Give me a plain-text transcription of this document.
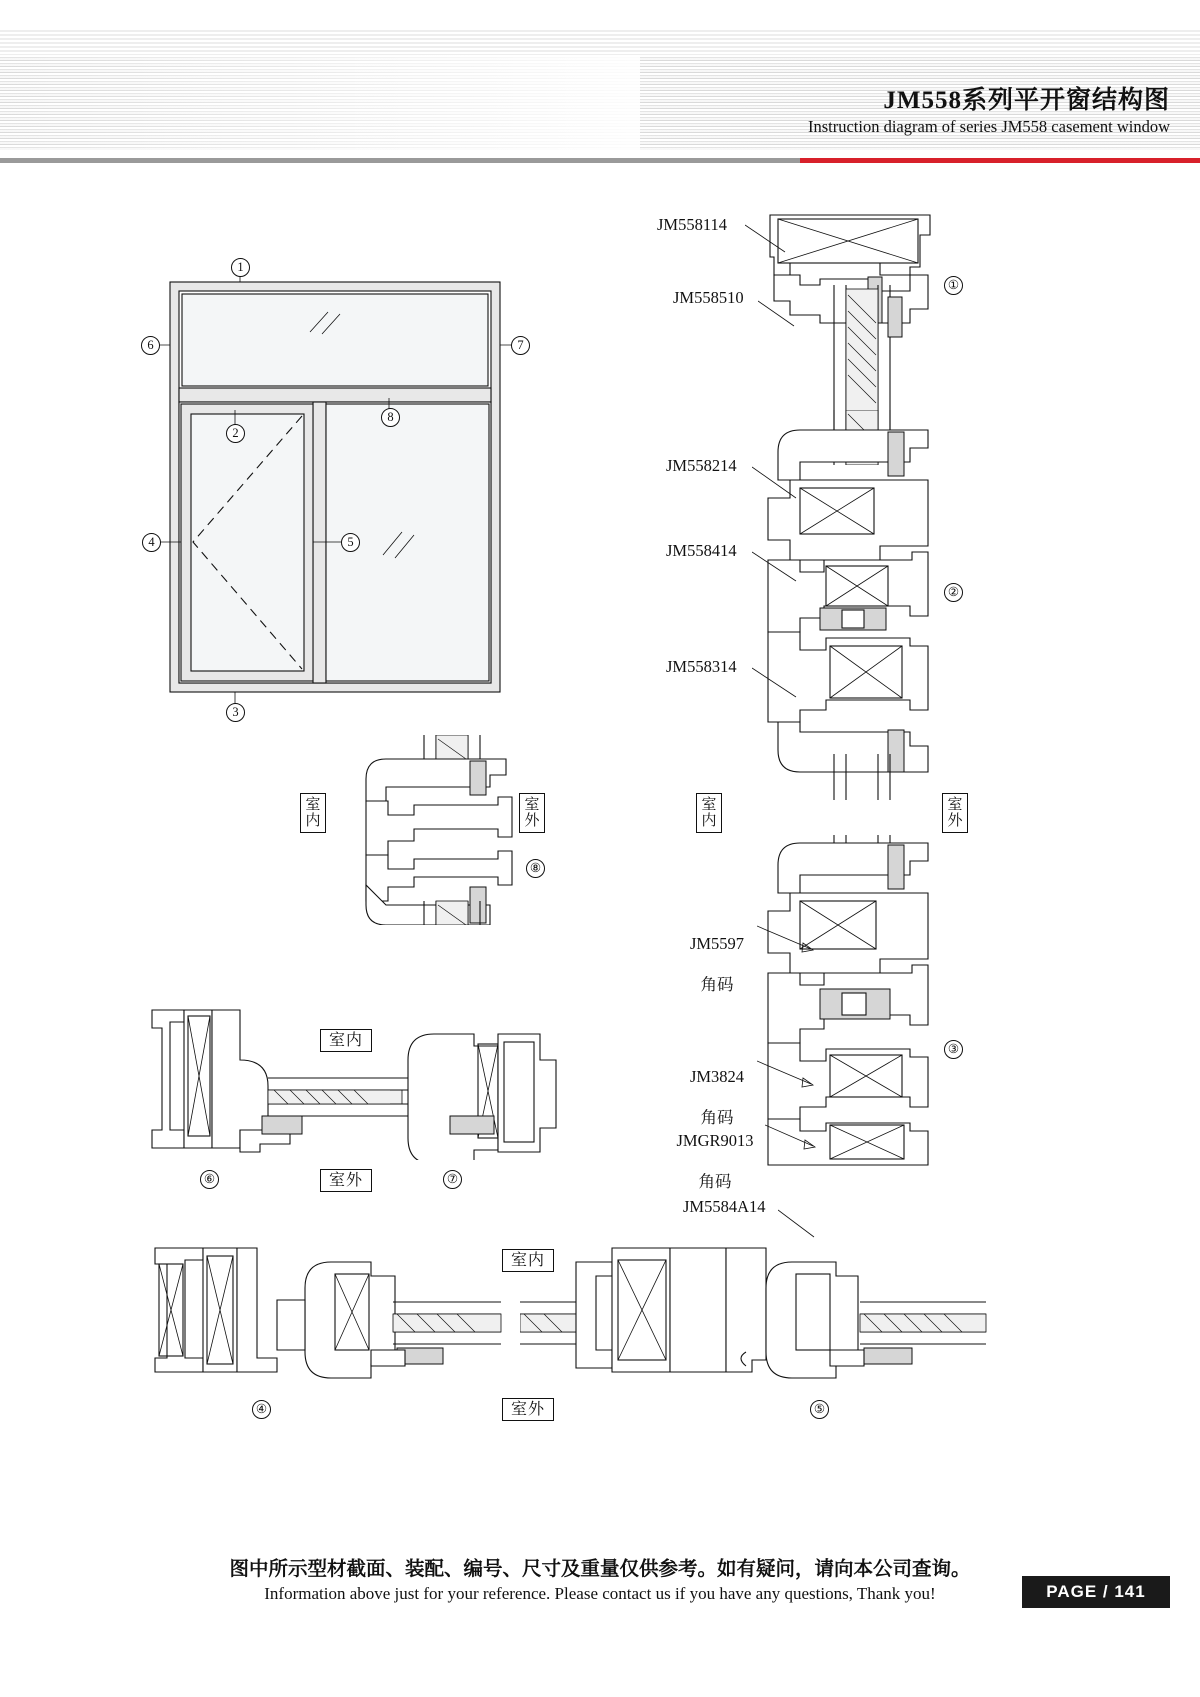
JM558系列平开窗结构图
Instruction diagram of series JM558 casement window
1
2
3
4	5
6	7
8
JM558114
JM558510
①
JM558214
JM558414
JM558314
②
室内
室外

JM5597

角码

JM3824

角码

JMGR9013

角码

③
室内
室外
⑧
室内
室外
⑥	⑦
JM5584A14
室内
室外
④	⑤
图中所示型材截面、装配、编号、尺寸及重量仅供参考。如有疑问，请向本公司查询。
Information above just for your reference. Please contact us if you have any questions, Thank you!	PAGE / 141
